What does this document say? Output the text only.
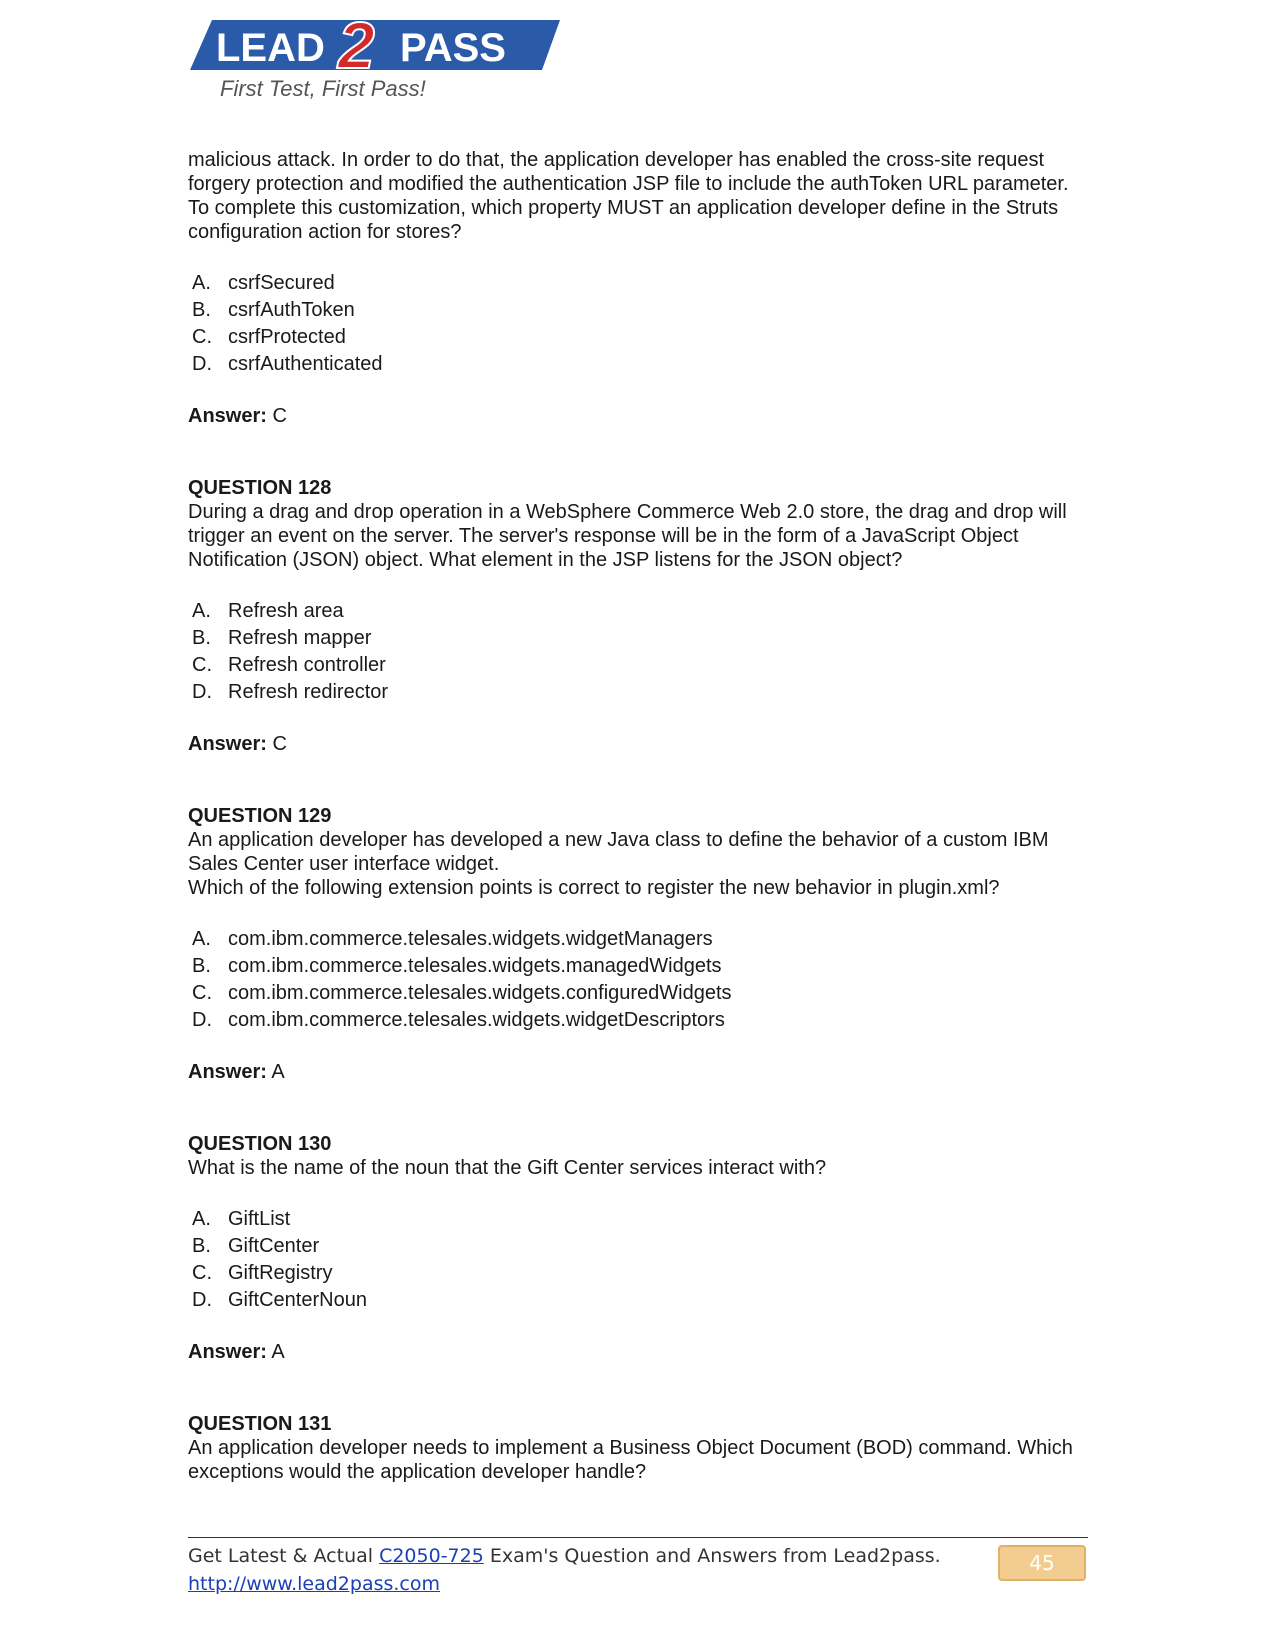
LEAD 2 PASS
First Test, First Pass!

malicious attack. In order to do that, the application developer has enabled the cross-site request forgery protection and modified the authentication JSP file to include the authToken URL parameter. To complete this customization, which property MUST an application developer define in the Struts configuration action for stores?

A. csrfSecured
B. csrfAuthToken
C. csrfProtected
D. csrfAuthenticated

Answer: C

QUESTION 128

During a drag and drop operation in a WebSphere Commerce Web 2.0 store, the drag and drop will trigger an event on the server. The server's response will be in the form of a JavaScript Object Notification (JSON) object. What element in the JSP listens for the JSON object?

A. Refresh area
B. Refresh mapper
C. Refresh controller
D. Refresh redirector

Answer: C

QUESTION 129

An application developer has developed a new Java class to define the behavior of a custom IBM Sales Center user interface widget.

Which of the following extension points is correct to register the new behavior in plugin.xml?

A. com.ibm.commerce.telesales.widgets.widgetManagers
B. com.ibm.commerce.telesales.widgets.managedWidgets
C. com.ibm.commerce.telesales.widgets.configuredWidgets
D. com.ibm.commerce.telesales.widgets.widgetDescriptors

Answer: A

QUESTION 130

What is the name of the noun that the Gift Center services interact with?

A. GiftList
B. GiftCenter
C. GiftRegistry
D. GiftCenterNoun

Answer: A

QUESTION 131

An application developer needs to implement a Business Object Document (BOD) command. Which exceptions would the application developer handle?

Get Latest & Actual C2050-725 Exam's Question and Answers from Lead2pass.
http://www.lead2pass.com
45
